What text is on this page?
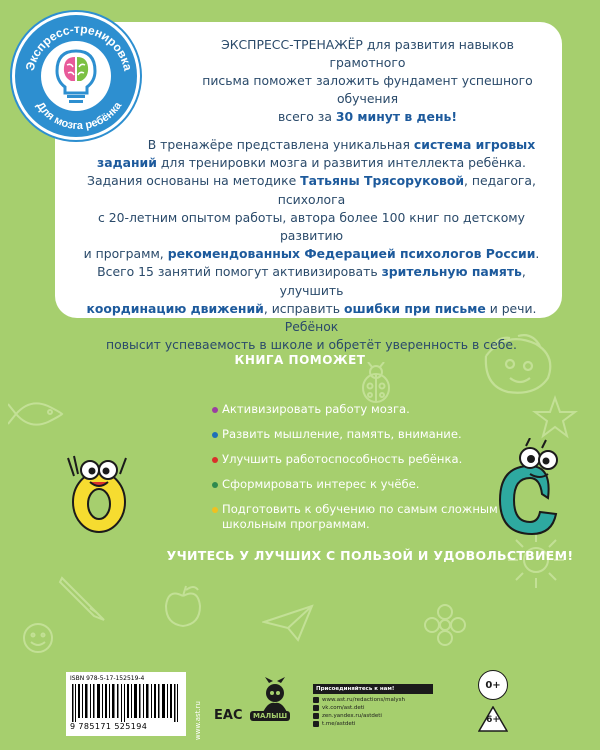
ЭКСПРЕСС-ТРЕНАЖЁР для развития навыков грамотного
письма поможет заложить фундамент успешного обучения
всего за 30 минут в день!
В тренажёре представлена уникальная система игровых
заданий для тренировки мозга и развития интеллекта ребёнка.
Задания основаны на методике Татьяны Трясоруковой, педагога, психолога
с 20-летним опытом работы, автора более 100 книг по детскому развитию
и программ, рекомендованных Федерацией психологов России.
Всего 15 занятий помогут активизировать зрительную память, улучшить
координацию движений, исправить ошибки при письме и речи. Ребёнок
повысит успеваемость в школе и обретёт уверенность в себе.
Экспресс-тренировка
Для мозга ребёнка
КНИГА ПОМОЖЕТ
Активизировать работу мозга.
Развить мышление, память, внимание.
Улучшить работоспособность ребёнка.
Сформировать интерес к учёбе.
Подготовить к обучению по самым сложным
школьным программам.
УЧИТЕСЬ У ЛУЧШИХ С ПОЛЬЗОЙ И УДОВОЛЬСТВИЕМ!
ISBN 978-5-17-152519-4
9 785171 525194	www.ast.ru ЕАС	МАЛЫШ
Присоединяйтесь к нам!
www.ast.ru/redactions/malysh
vk.com/ast.deti
zen.yandex.ru/astdeti
t.me/astdeti
0+
6+
